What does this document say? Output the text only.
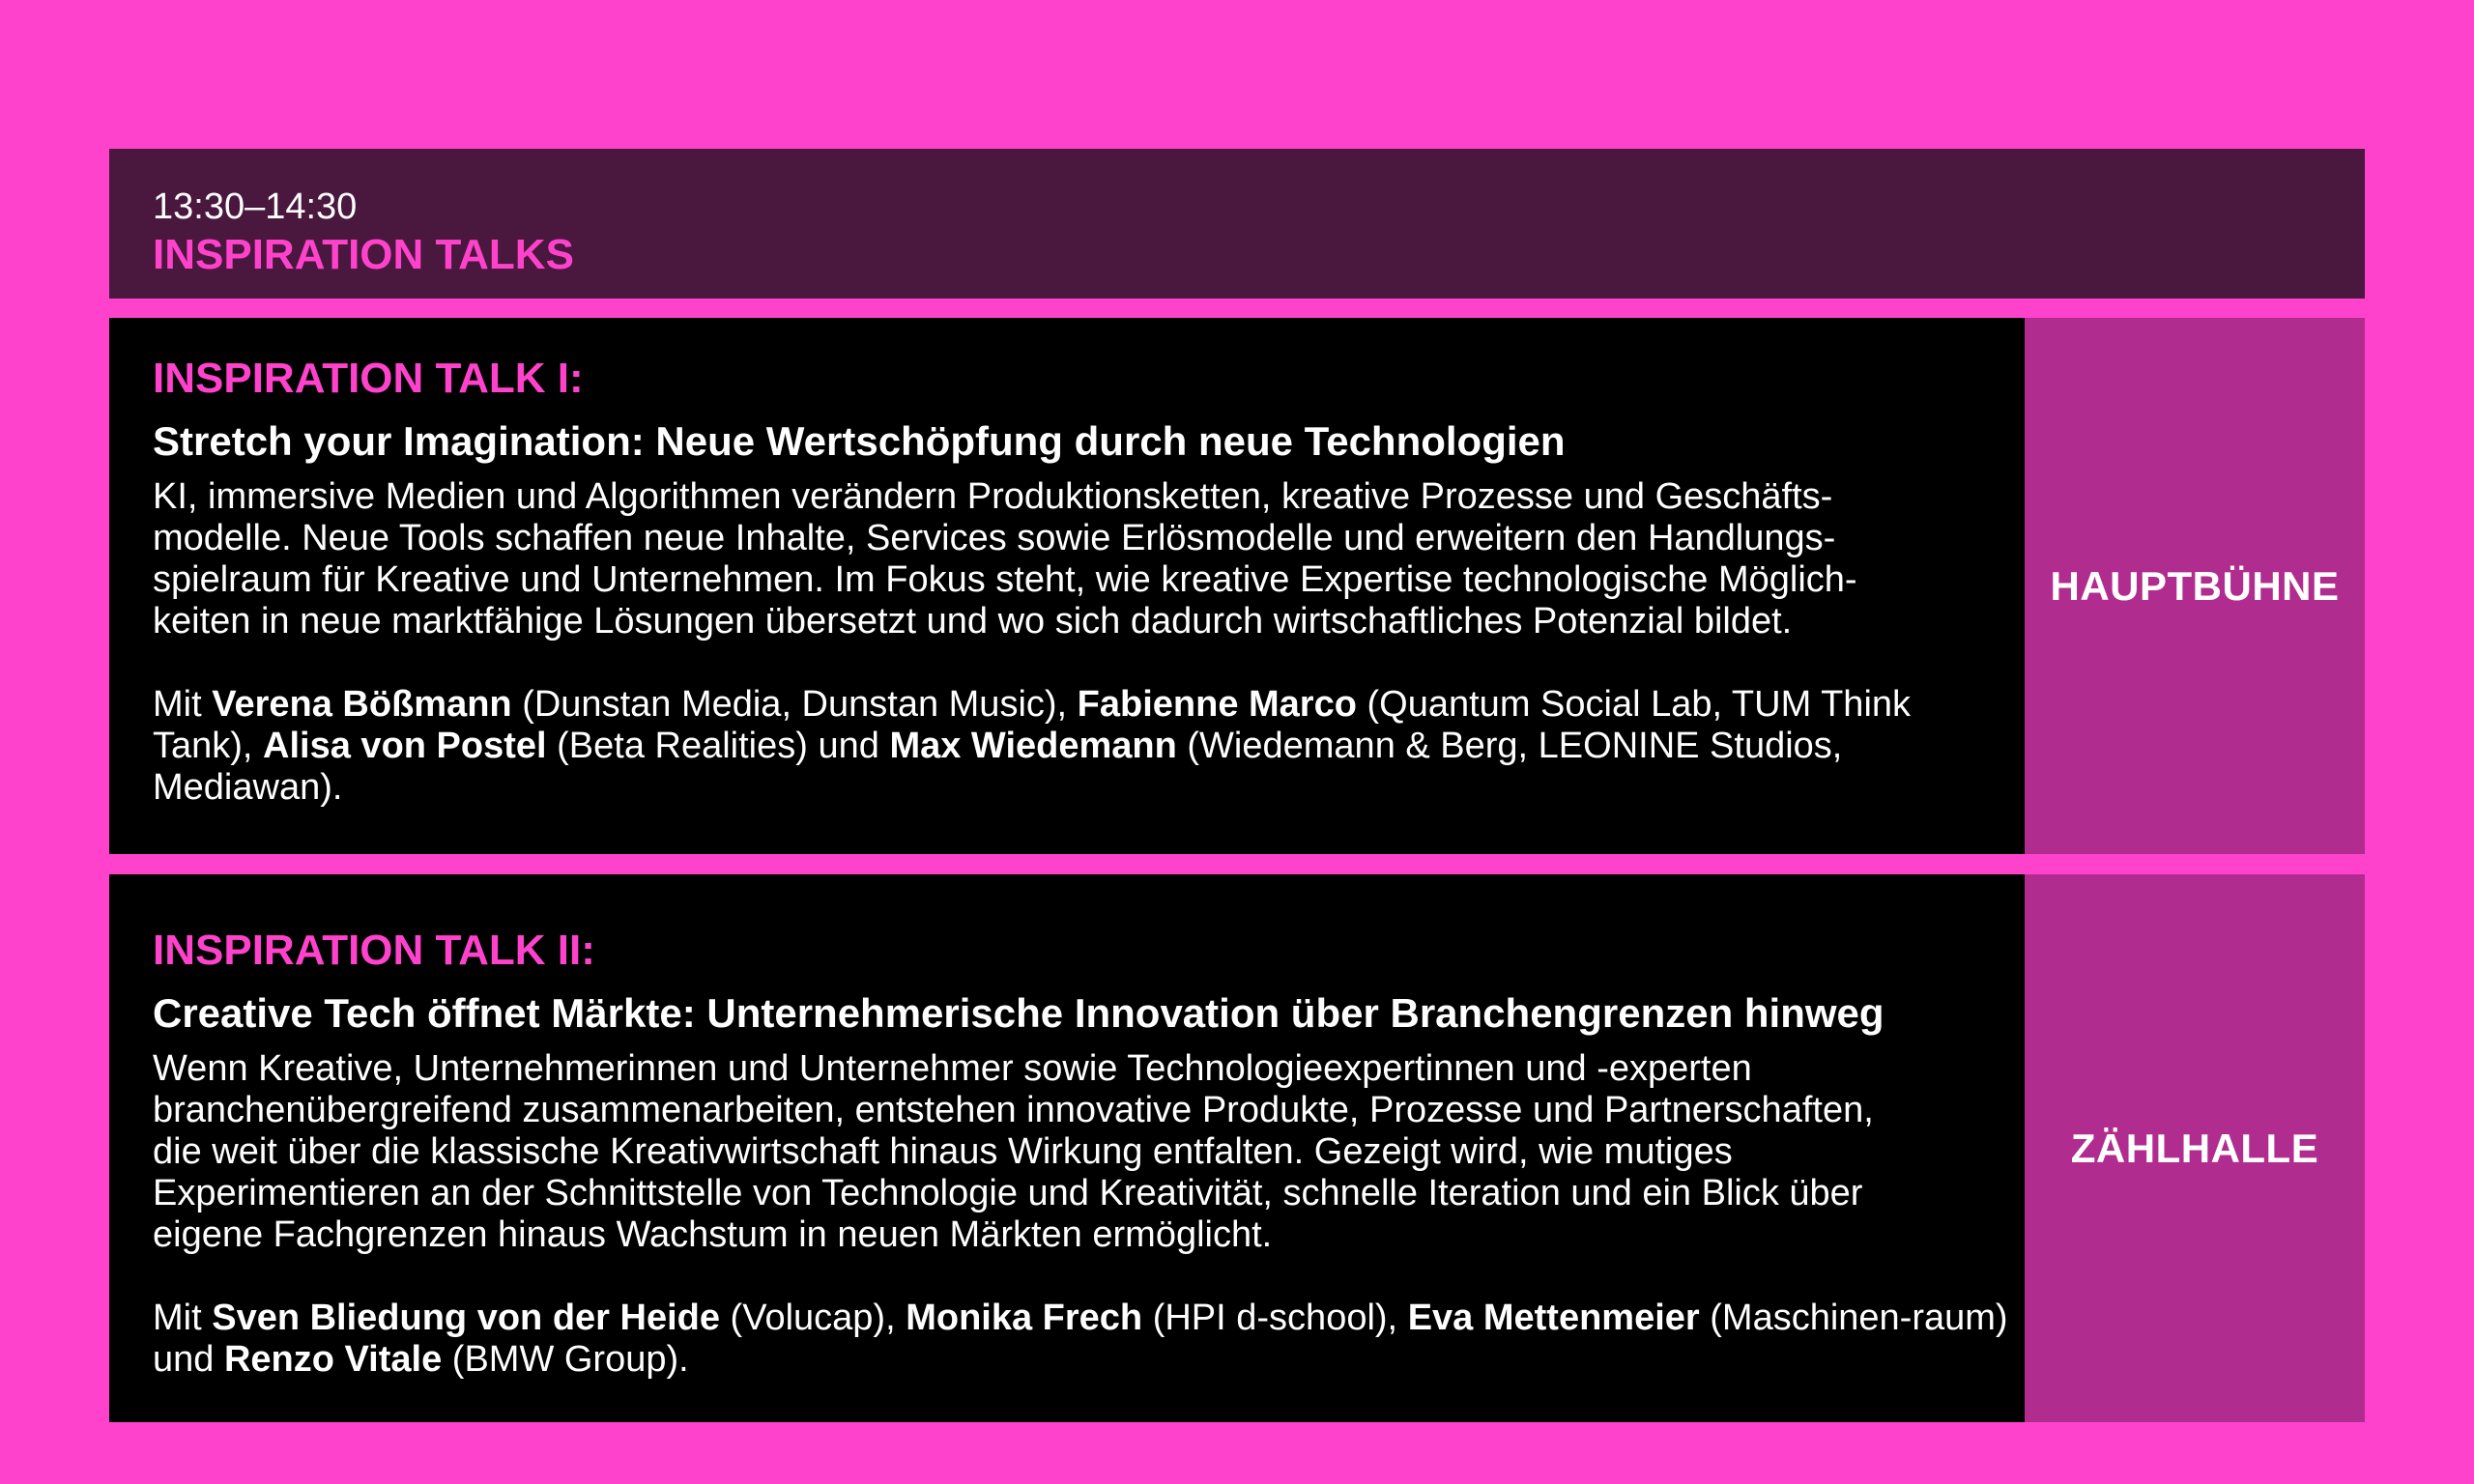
13:30–14:30

INSPIRATION TALKS

INSPIRATION TALK I:

Stretch your Imagination: Neue Wertschöpfung durch neue Technologien

KI, immersive Medien und Algorithmen verändern Produktionsketten, kreative Prozesse und Geschäfts-
modelle. Neue Tools schaffen neue Inhalte, Services sowie Erlösmodelle und erweitern den Handlungs-
spielraum für Kreative und Unternehmen. Im Fokus steht, wie kreative Expertise technologische Möglich-
keiten in neue marktfähige Lösungen übersetzt und wo sich dadurch wirtschaftliches Potenzial bildet.

Mit Verena Bößmann (Dunstan Media, Dunstan Music), Fabienne Marco (Quantum Social Lab, TUM Think Tank), Alisa von Postel (Beta Realities) und Max Wiedemann (Wiedemann & Berg, LEONINE Studios, Mediawan).

HAUPTBÜHNE

INSPIRATION TALK II:

Creative Tech öffnet Märkte: Unternehmerische Innovation über Branchengrenzen hinweg

Wenn Kreative, Unternehmerinnen und Unternehmer sowie Technologieexpertinnen und -experten
branchenübergreifend zusammenarbeiten, entstehen innovative Produkte, Prozesse und Partnerschaften,
die weit über die klassische Kreativwirtschaft hinaus Wirkung entfalten. Gezeigt wird, wie mutiges
Experimentieren an der Schnittstelle von Technologie und Kreativität, schnelle Iteration und ein Blick über
eigene Fachgrenzen hinaus Wachstum in neuen Märkten ermöglicht.

Mit Sven Bliedung von der Heide (Volucap), Monika Frech (HPI d-school), Eva Mettenmeier (Maschinen-raum) und Renzo Vitale (BMW Group).

ZÄHLHALLE
